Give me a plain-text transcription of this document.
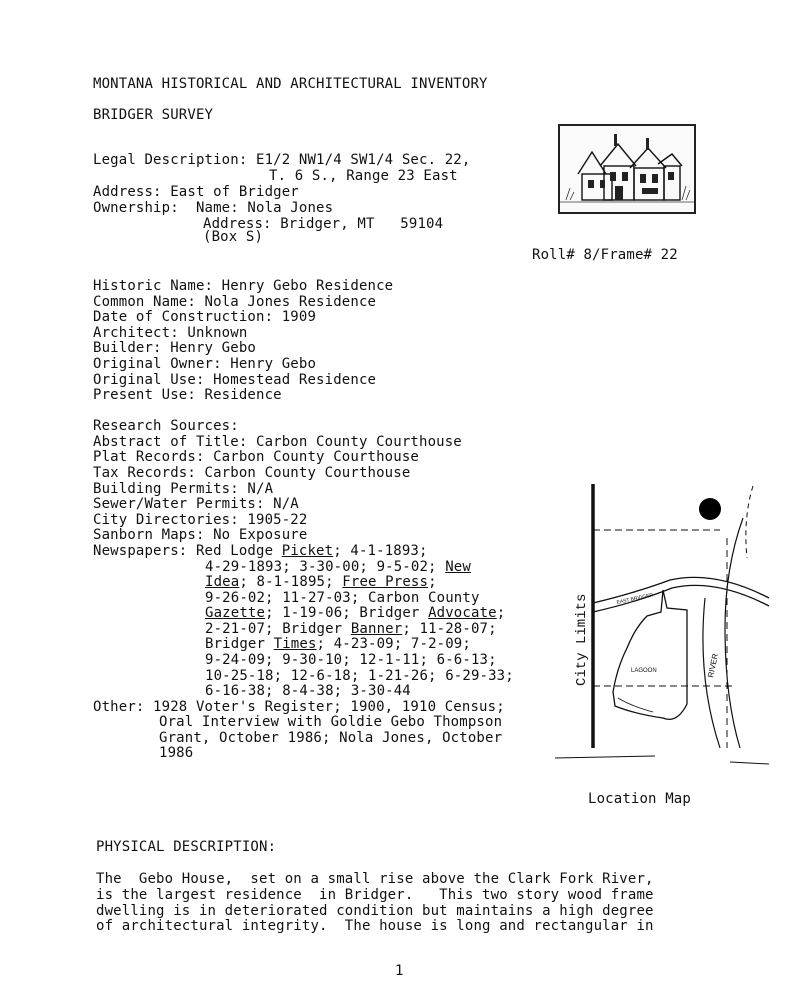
MONTANA HISTORICAL AND ARCHITECTURAL INVENTORY
BRIDGER SURVEY
Legal Description: E1/2 NW1/4 SW1/4 Sec. 22,
T. 6 S., Range 23 East
Address: East of Bridger
Ownership:  Name: Nola Jones
Address: Bridger, MT   59104
(Box S)
Roll# 8/Frame# 22
Historic Name: Henry Gebo Residence
Common Name: Nola Jones Residence
Date of Construction: 1909
Architect: Unknown
Builder: Henry Gebo
Original Owner: Henry Gebo
Original Use: Homestead Residence
Present Use: Residence
Research Sources:
Abstract of Title: Carbon County Courthouse
Plat Records: Carbon County Courthouse
Tax Records: Carbon County Courthouse
Building Permits: N/A
Sewer/Water Permits: N/A
City Directories: 1905-22
Sanborn Maps: No Exposure
Newspapers: Red Lodge Picket; 4-1-1893;
4-29-1893; 3-30-00; 9-5-02; New
Idea; 8-1-1895; Free Press;
9-26-02; 11-27-03; Carbon County
Gazette; 1-19-06; Bridger Advocate;
2-21-07; Bridger Banner; 11-28-07;
Bridger Times; 4-23-09; 7-2-09;
9-24-09; 9-30-10; 12-1-11; 6-6-13;
10-25-18; 12-6-18; 1-21-26; 6-29-33;
6-16-38; 8-4-38; 3-30-44
Other: 1928 Voter's Register; 1900, 1910 Census;
Oral Interview with Goldie Gebo Thompson
Grant, October 1986; Nola Jones, October
1986
City Limits	LAGOON	RIVER
EAST BRIDGER
Location Map
PHYSICAL DESCRIPTION:
The  Gebo House,  set on a small rise above the Clark Fork River,
is the largest residence  in Bridger.   This two story wood frame
dwelling is in deteriorated condition but maintains a high degree
of architectural integrity.  The house is long and rectangular in
1
